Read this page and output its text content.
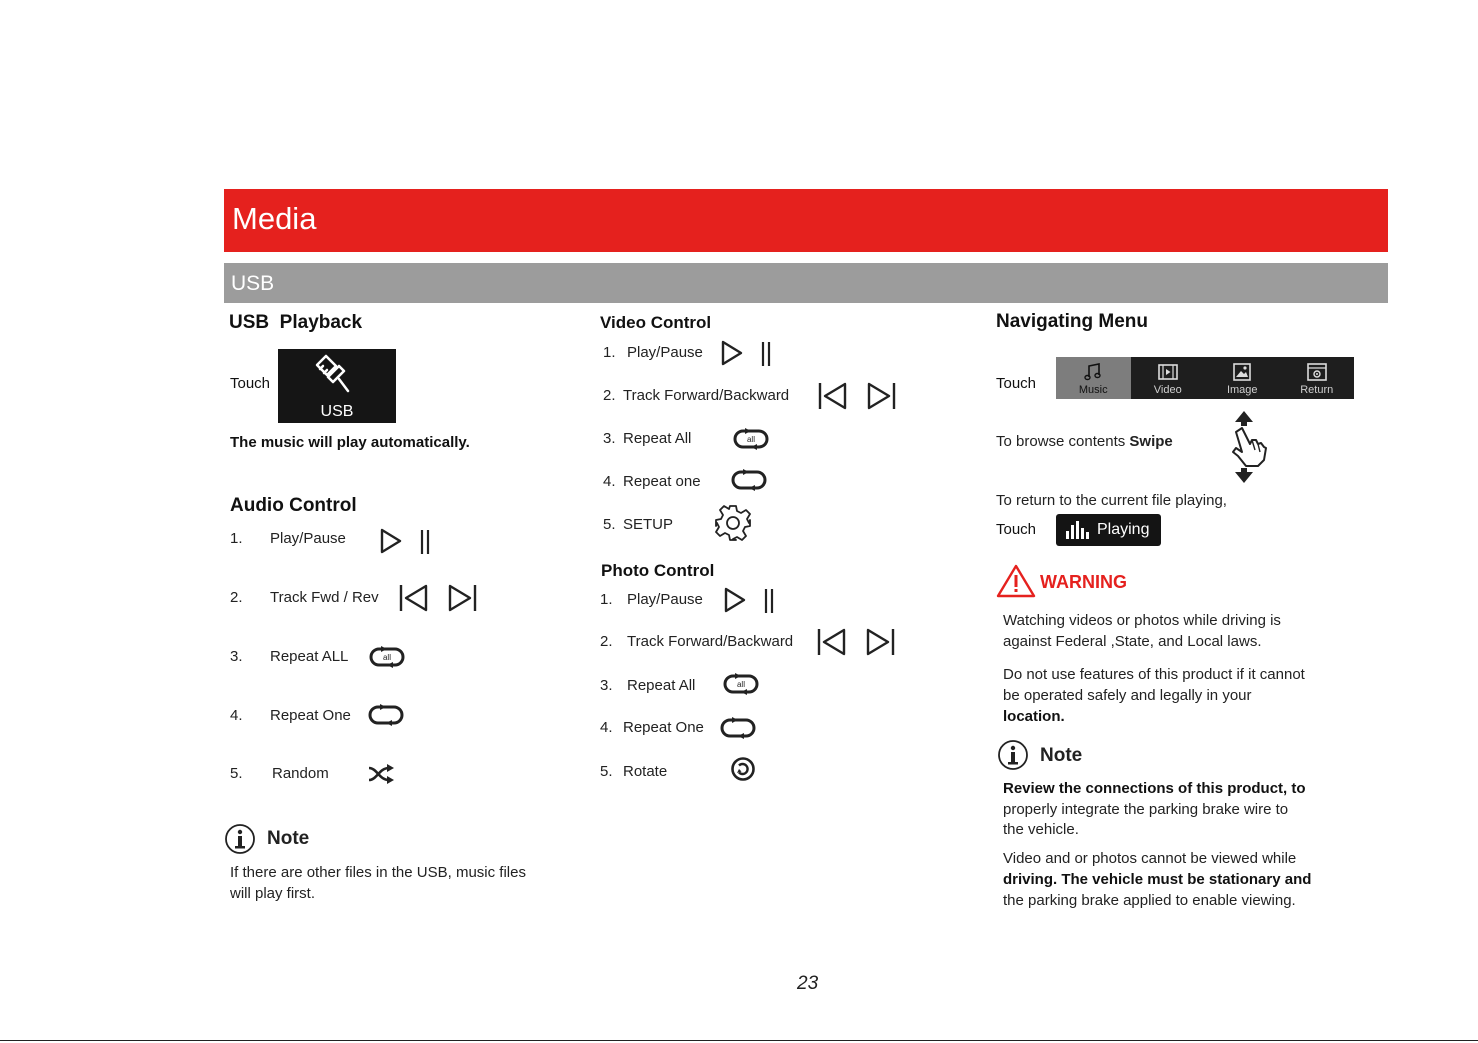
Media
USB
USB  Playback
Touch
USB
The music will play automatically.
Audio Control
1. Play/Pause
2. Track Fwd / Rev
3. Repeat ALL	all
4. Repeat One
5. Random
Note
If there are other files in the USB, music files
will play first.
Video Control
1. Play/Pause
2. Track Forward/Backward
3. Repeat All	all
4. Repeat one
5. SETUP
Photo Control
1. Play/Pause
2. Track Forward/Backward
3. Repeat All	all
4. Repeat One
5. Rotate
Navigating Menu
Touch	Music	Video	Image	Return
To browse contents Swipe
To return to the current file playing,
Touch	Playing
WARNING
Watching videos or photos while driving is
against Federal ,State, and Local laws.
Do not use features of this product if it cannot
be operated safely and legally in your
location.
Note
Review the connections of this product, to
properly integrate the parking brake wire to
the vehicle.
Video and or photos cannot be viewed while
driving. The vehicle must be stationary and
the parking brake applied to enable viewing.
23
